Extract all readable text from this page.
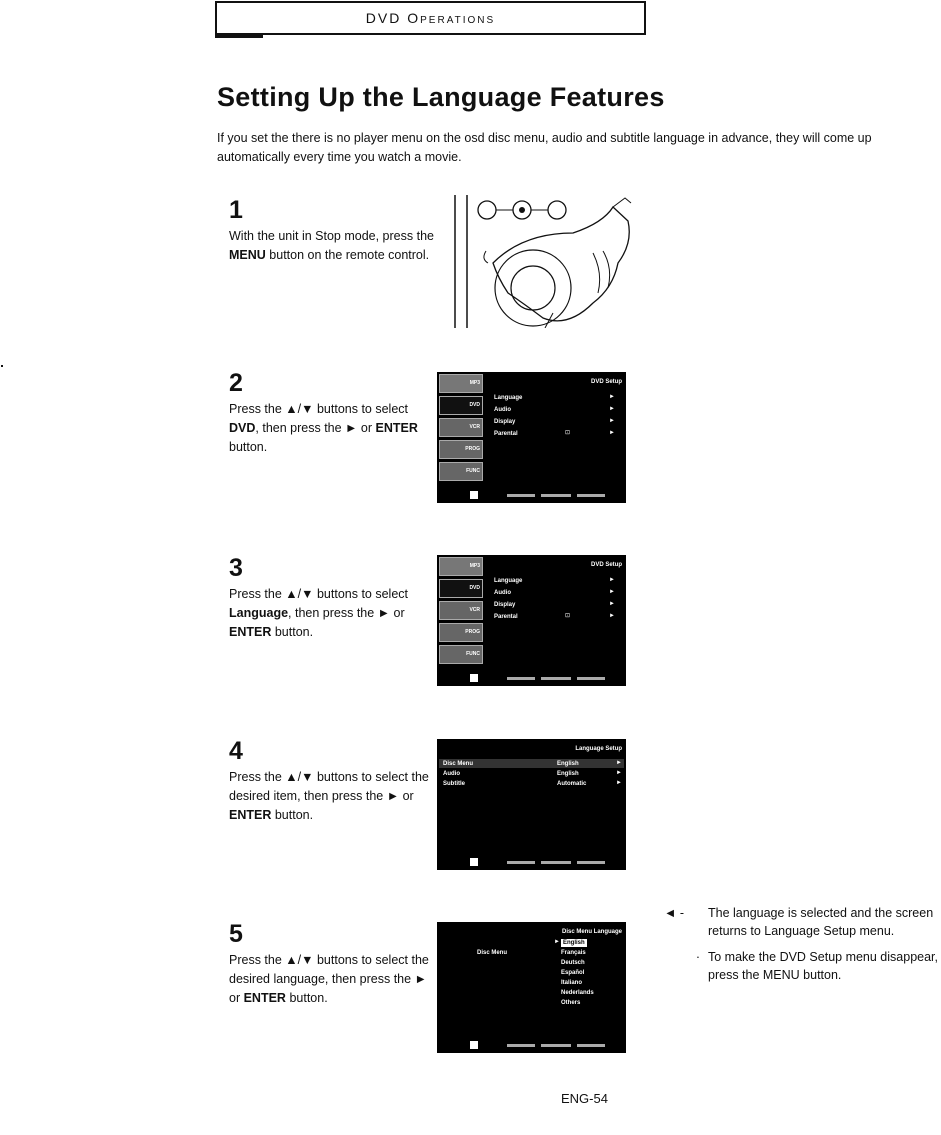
DVD Operations
Setting Up the Language Features
If you set the there is no player menu on the osd disc menu, audio and subtitle language in advance, they will come up automatically every time you watch a movie.
1
With the unit in Stop mode, press the MENU button on the remote control.
2
Press the ▲/▼ buttons to select DVD, then press the ► or ENTER button.
MP3
DVD
VCR
PROG
FUNC
DVD Setup
Language
Audio
Display
Parental
►
►
►
►
⊡
3
Press the ▲/▼ buttons to select Language, then press the ► or ENTER button.
MP3
DVD
VCR
PROG
FUNC
DVD Setup
Language
Audio
Display
Parental
►
►
►
►
⊡
4
Press the ▲/▼ buttons to select the desired item, then press the ► or ENTER button.
Language Setup
Disc Menu
Audio
Subtitle
English
English
Automatic
►
►
►
5
Press the ▲/▼ buttons to select the desired language, then press the ► or ENTER button.
Disc Menu Language
Disc Menu
► English
Français
Deutsch
Español
Italiano
Nederlands
Others
◄ -	The language is selected and the screen returns to Language Setup menu.
· To make the DVD Setup menu disappear, press the MENU button.
ENG-54
